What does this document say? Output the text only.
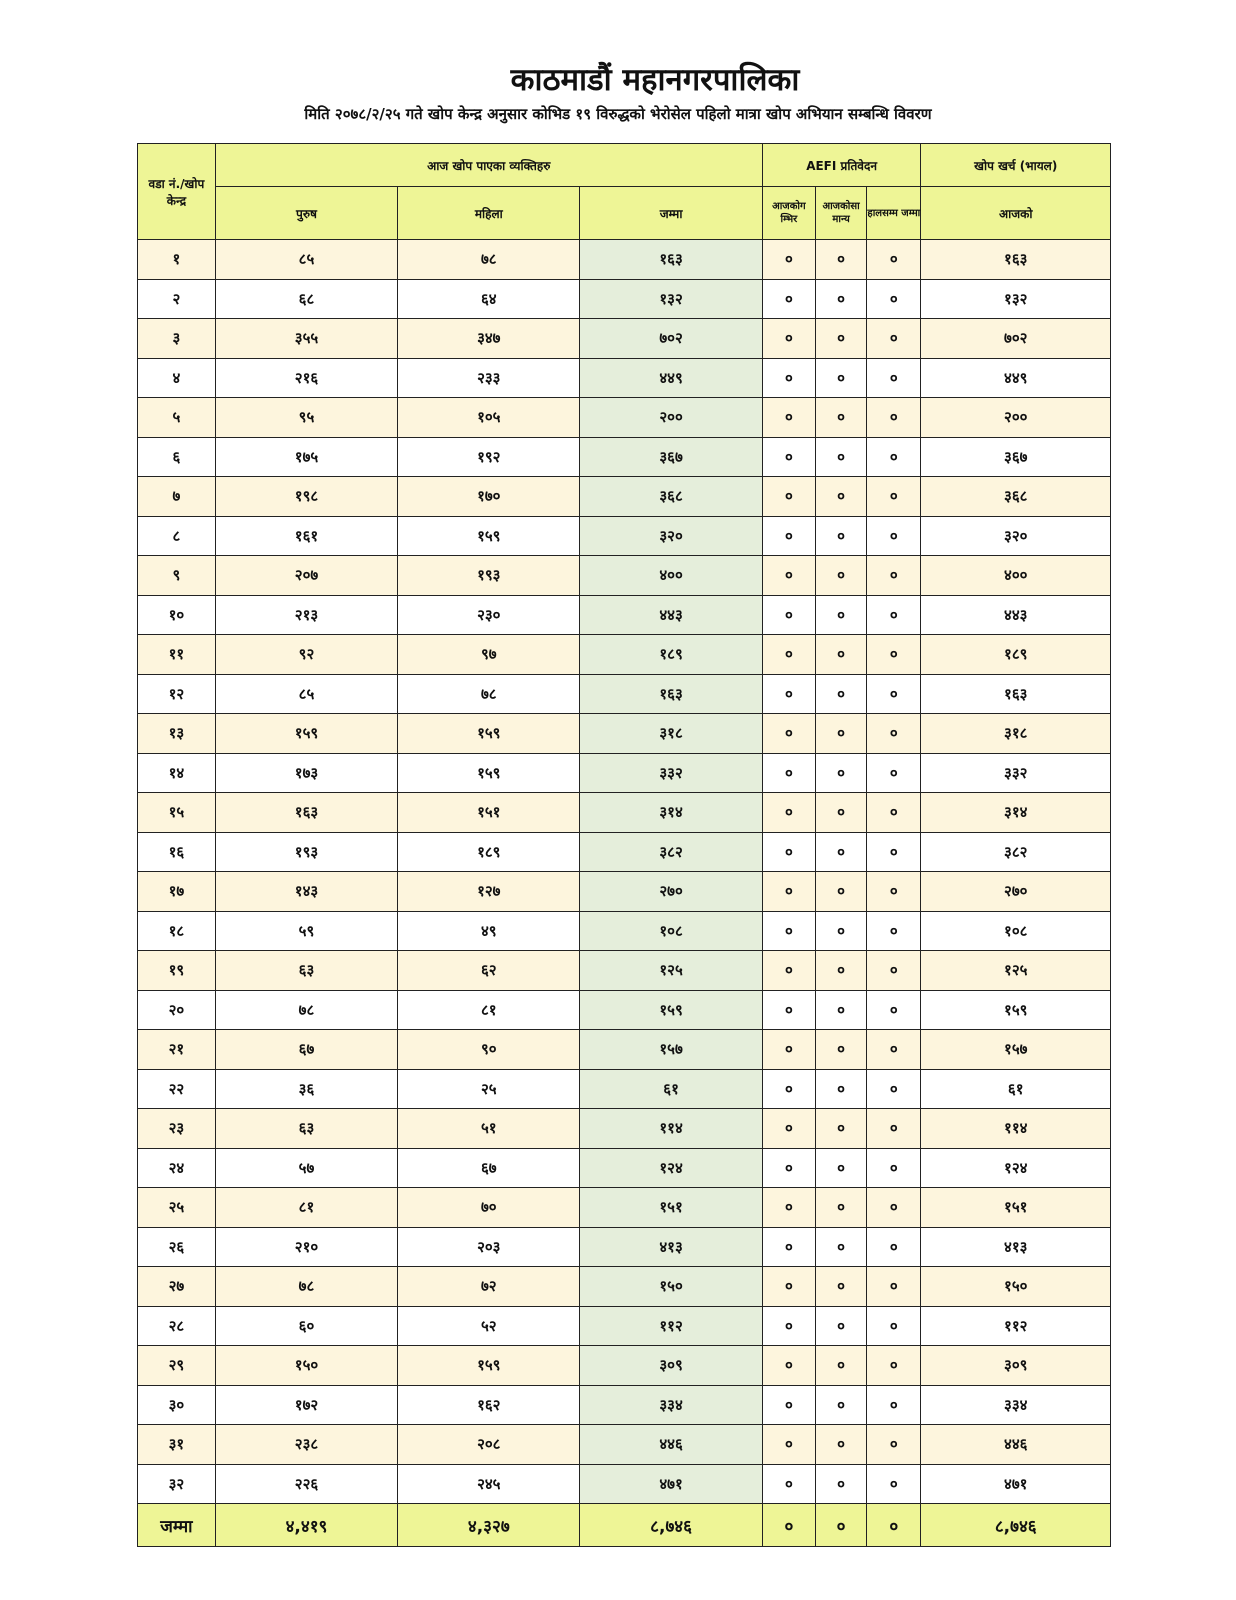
काठमाडौं महानगरपालिका
मिति २०७८/२/२५ गते खोप केन्द्र अनुसार कोभिड १९ विरुद्धको भेरोसेल पहिलो मात्रा खोप अभियान सम्बन्धि विवरण
वडा नं./खोप केन्द्र	आज खोप पाएका व्यक्तिहरु			AEFI प्रतिवेदन			खोप खर्च (भायल)
	पुरुष	महिला	जम्मा	आजकोग म्भिर	आजकोसा मान्य	हालसम्म जम्मा	आजको
१	८५	७८	१६३	०	०	०	१६३
२	६८	६४	१३२	०	०	०	१३२
३	३५५	३४७	७०२	०	०	०	७०२
४	२१६	२३३	४४९	०	०	०	४४९
५	९५	१०५	२००	०	०	०	२००
६	१७५	१९२	३६७	०	०	०	३६७
७	१९८	१७०	३६८	०	०	०	३६८
८	१६१	१५९	३२०	०	०	०	३२०
९	२०७	१९३	४००	०	०	०	४००
१०	२१३	२३०	४४३	०	०	०	४४३
११	९२	९७	१८९	०	०	०	१८९
१२	८५	७८	१६३	०	०	०	१६३
१३	१५९	१५९	३१८	०	०	०	३१८
१४	१७३	१५९	३३२	०	०	०	३३२
१५	१६३	१५१	३१४	०	०	०	३१४
१६	१९३	१८९	३८२	०	०	०	३८२
१७	१४३	१२७	२७०	०	०	०	२७०
१८	५९	४९	१०८	०	०	०	१०८
१९	६३	६२	१२५	०	०	०	१२५
२०	७८	८१	१५९	०	०	०	१५९
२१	६७	९०	१५७	०	०	०	१५७
२२	३६	२५	६१	०	०	०	६१
२३	६३	५१	११४	०	०	०	११४
२४	५७	६७	१२४	०	०	०	१२४
२५	८१	७०	१५१	०	०	०	१५१
२६	२१०	२०३	४१३	०	०	०	४१३
२७	७८	७२	१५०	०	०	०	१५०
२८	६०	५२	११२	०	०	०	११२
२९	१५०	१५९	३०९	०	०	०	३०९
३०	१७२	१६२	३३४	०	०	०	३३४
३१	२३८	२०८	४४६	०	०	०	४४६
३२	२२६	२४५	४७१	०	०	०	४७१
जम्मा	४,४१९	४,३२७	८,७४६	०	०	०	८,७४६
